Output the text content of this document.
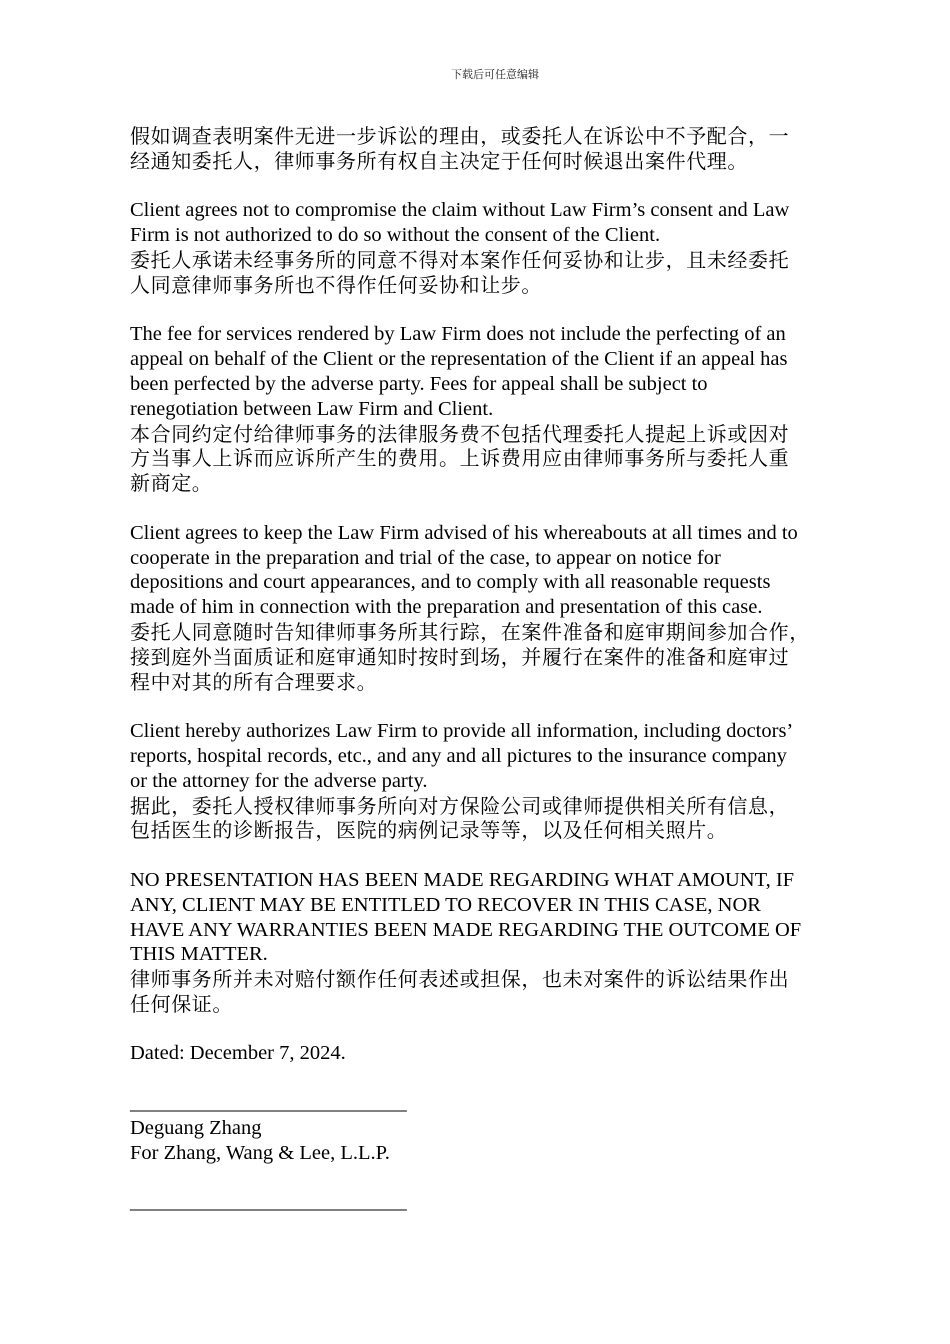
下载后可任意编辑
假如调查表明案件无进一步诉讼的理由，或委托人在诉讼中不予配合，一
经通知委托人，律师事务所有权自主决定于任何时候退出案件代理。
Client agrees not to compromise the claim without Law Firm’s consent and Law
Firm is not authorized to do so without the consent of the Client.
委托人承诺未经事务所的同意不得对本案作任何妥协和让步，且未经委托
人同意律师事务所也不得作任何妥协和让步。
The fee for services rendered by Law Firm does not include the perfecting of an
appeal on behalf of the Client or the representation of the Client if an appeal has
been perfected by the adverse party. Fees for appeal shall be subject to
renegotiation between Law Firm and Client.
本合同约定付给律师事务的法律服务费不包括代理委托人提起上诉或因对
方当事人上诉而应诉所产生的费用。上诉费用应由律师事务所与委托人重
新商定。
Client agrees to keep the Law Firm advised of his whereabouts at all times and to
cooperate in the preparation and trial of the case, to appear on notice for
depositions and court appearances, and to comply with all reasonable requests
made of him in connection with the preparation and presentation of this case.
委托人同意随时告知律师事务所其行踪，在案件准备和庭审期间参加合作，
接到庭外当面质证和庭审通知时按时到场，并履行在案件的准备和庭审过
程中对其的所有合理要求。
Client hereby authorizes Law Firm to provide all information, including doctors’
reports, hospital records, etc., and any and all pictures to the insurance company
or the attorney for the adverse party.
据此，委托人授权律师事务所向对方保险公司或律师提供相关所有信息，
包括医生的诊断报告，医院的病例记录等等，以及任何相关照片。
NO PRESENTATION HAS BEEN MADE REGARDING WHAT AMOUNT, IF
ANY, CLIENT MAY BE ENTITLED TO RECOVER IN THIS CASE, NOR
HAVE ANY WARRANTIES BEEN MADE REGARDING THE OUTCOME OF
THIS MATTER.
律师事务所并未对赔付额作任何表述或担保，也未对案件的诉讼结果作出
任何保证。
Dated: December 7, 2024.
___________________________
Deguang Zhang
For Zhang, Wang & Lee, L.L.P.
___________________________
